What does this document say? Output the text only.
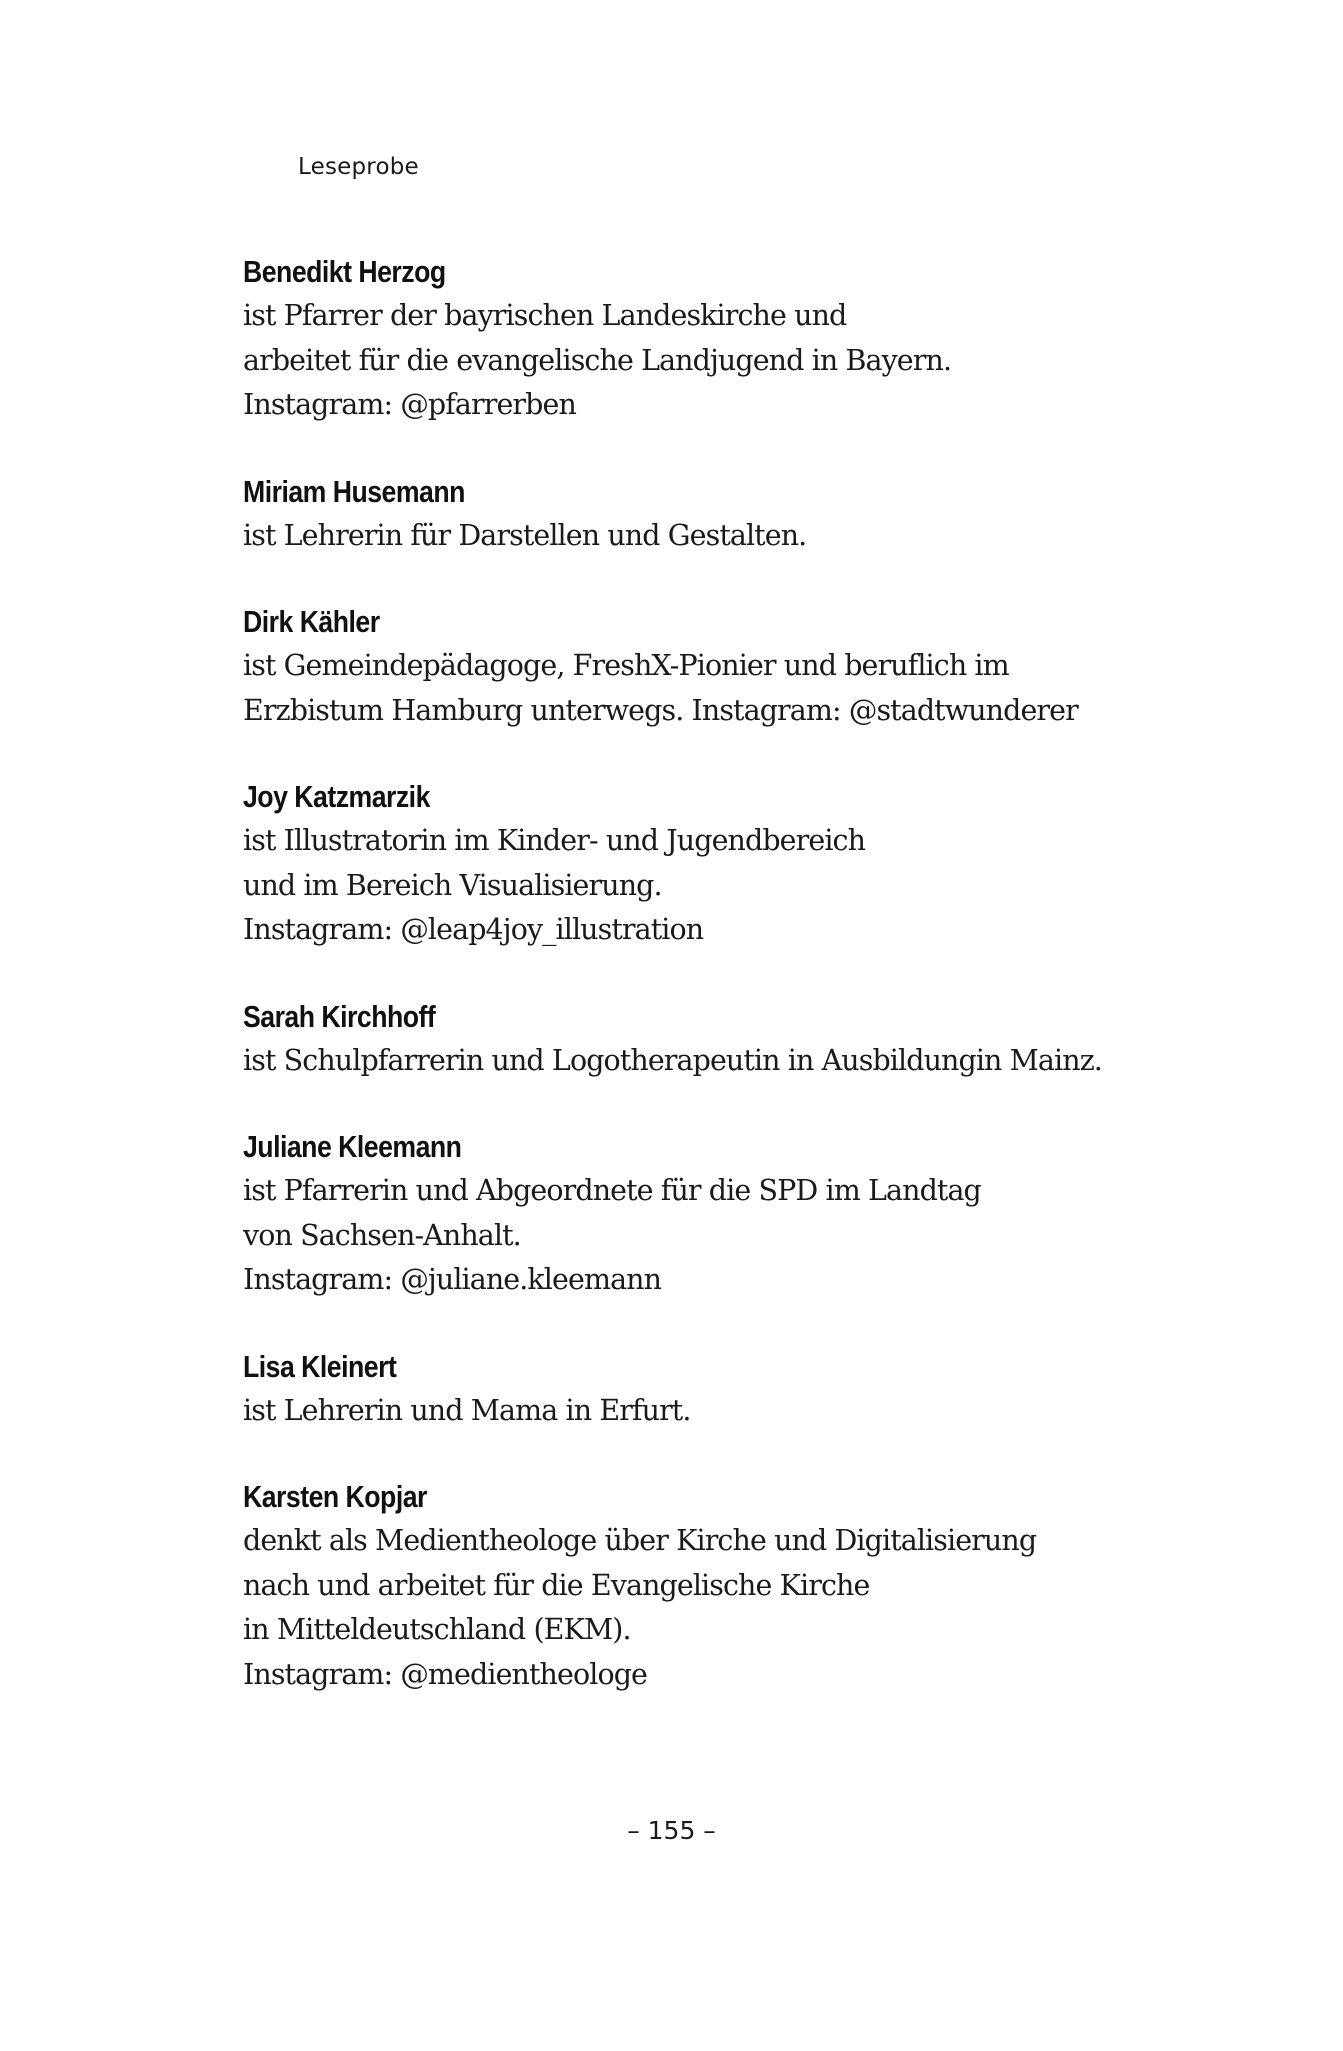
Leseprobe
Benedikt Herzog
ist Pfarrer der bayrischen Landeskirche und
arbeitet für die evangelische Landjugend in Bayern.
Instagram: @pfarrerben
Miriam Husemann
ist Lehrerin für Darstellen und Gestalten.
Dirk Kähler
ist Gemeindepädagoge, FreshX-Pionier und beruflich im
Erzbistum Hamburg unterwegs. Instagram: @stadtwunderer
Joy Katzmarzik
ist Illustratorin im Kinder- und Jugendbereich
und im Bereich Visualisierung.
Instagram: @leap4joy_illustration
Sarah Kirchhoff
ist Schulpfarrerin und Logotherapeutin in Ausbildungin Mainz.
Juliane Kleemann
ist Pfarrerin und Abgeordnete für die SPD im Landtag
von Sachsen-Anhalt.
Instagram: @juliane.kleemann
Lisa Kleinert
ist Lehrerin und Mama in Erfurt.
Karsten Kopjar
denkt als Medientheologe über Kirche und Digitalisierung
nach und arbeitet für die Evangelische Kirche
in Mitteldeutschland (EKM).
Instagram: @medientheologe
– 155 –
